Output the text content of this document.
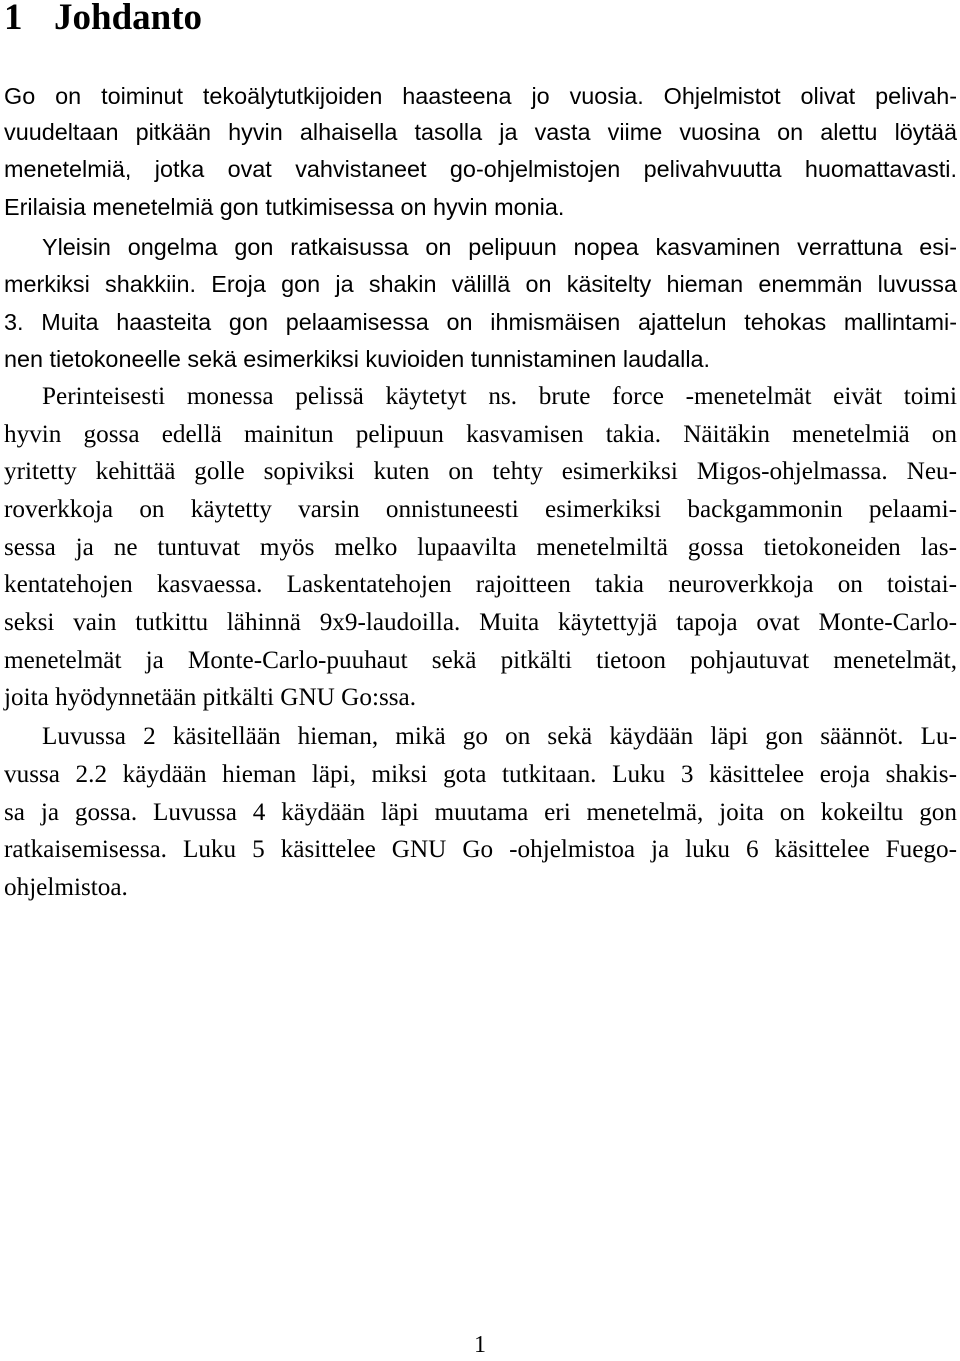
1 Johdanto

Go on toiminut tekoälytutkijoiden haasteena jo vuosia. Ohjelmistot olivat pelivah-

vuudeltaan pitkään hyvin alhaisella tasolla ja vasta viime vuosina on alettu löytää

menetelmiä, jotka ovat vahvistaneet go-ohjelmistojen pelivahvuutta huomattavasti.

Erilaisia menetelmiä gon tutkimisessa on hyvin monia.

Yleisin ongelma gon ratkaisussa on pelipuun nopea kasvaminen verrattuna esi-

merkiksi shakkiin. Eroja gon ja shakin välillä on käsitelty hieman enemmän luvussa

3. Muita haasteita gon pelaamisessa on ihmismäisen ajattelun tehokas mallintami-

nen tietokoneelle sekä esimerkiksi kuvioiden tunnistaminen laudalla.

Perinteisesti monessa pelissä käytetyt ns. brute force -menetelmät eivät toimi

hyvin gossa edellä mainitun pelipuun kasvamisen takia. Näitäkin menetelmiä on

yritetty kehittää golle sopiviksi kuten on tehty esimerkiksi Migos-ohjelmassa. Neu-

roverkkoja on käytetty varsin onnistuneesti esimerkiksi backgammonin pelaami-

sessa ja ne tuntuvat myös melko lupaavilta menetelmiltä gossa tietokoneiden las-

kentatehojen kasvaessa. Laskentatehojen rajoitteen takia neuroverkkoja on toistai-

seksi vain tutkittu lähinnä 9x9-laudoilla. Muita käytettyjä tapoja ovat Monte-Carlo-

menetelmät ja Monte-Carlo-puuhaut sekä pitkälti tietoon pohjautuvat menetelmät,

joita hyödynnetään pitkälti GNU Go:ssa.

Luvussa 2 käsitellään hieman, mikä go on sekä käydään läpi gon säännöt. Lu-

vussa 2.2 käydään hieman läpi, miksi gota tutkitaan. Luku 3 käsittelee eroja shakis-

sa ja gossa. Luvussa 4 käydään läpi muutama eri menetelmä, joita on kokeiltu gon

ratkaisemisessa. Luku 5 käsittelee GNU Go -ohjelmistoa ja luku 6 käsittelee Fuego-

ohjelmistoa.

1
